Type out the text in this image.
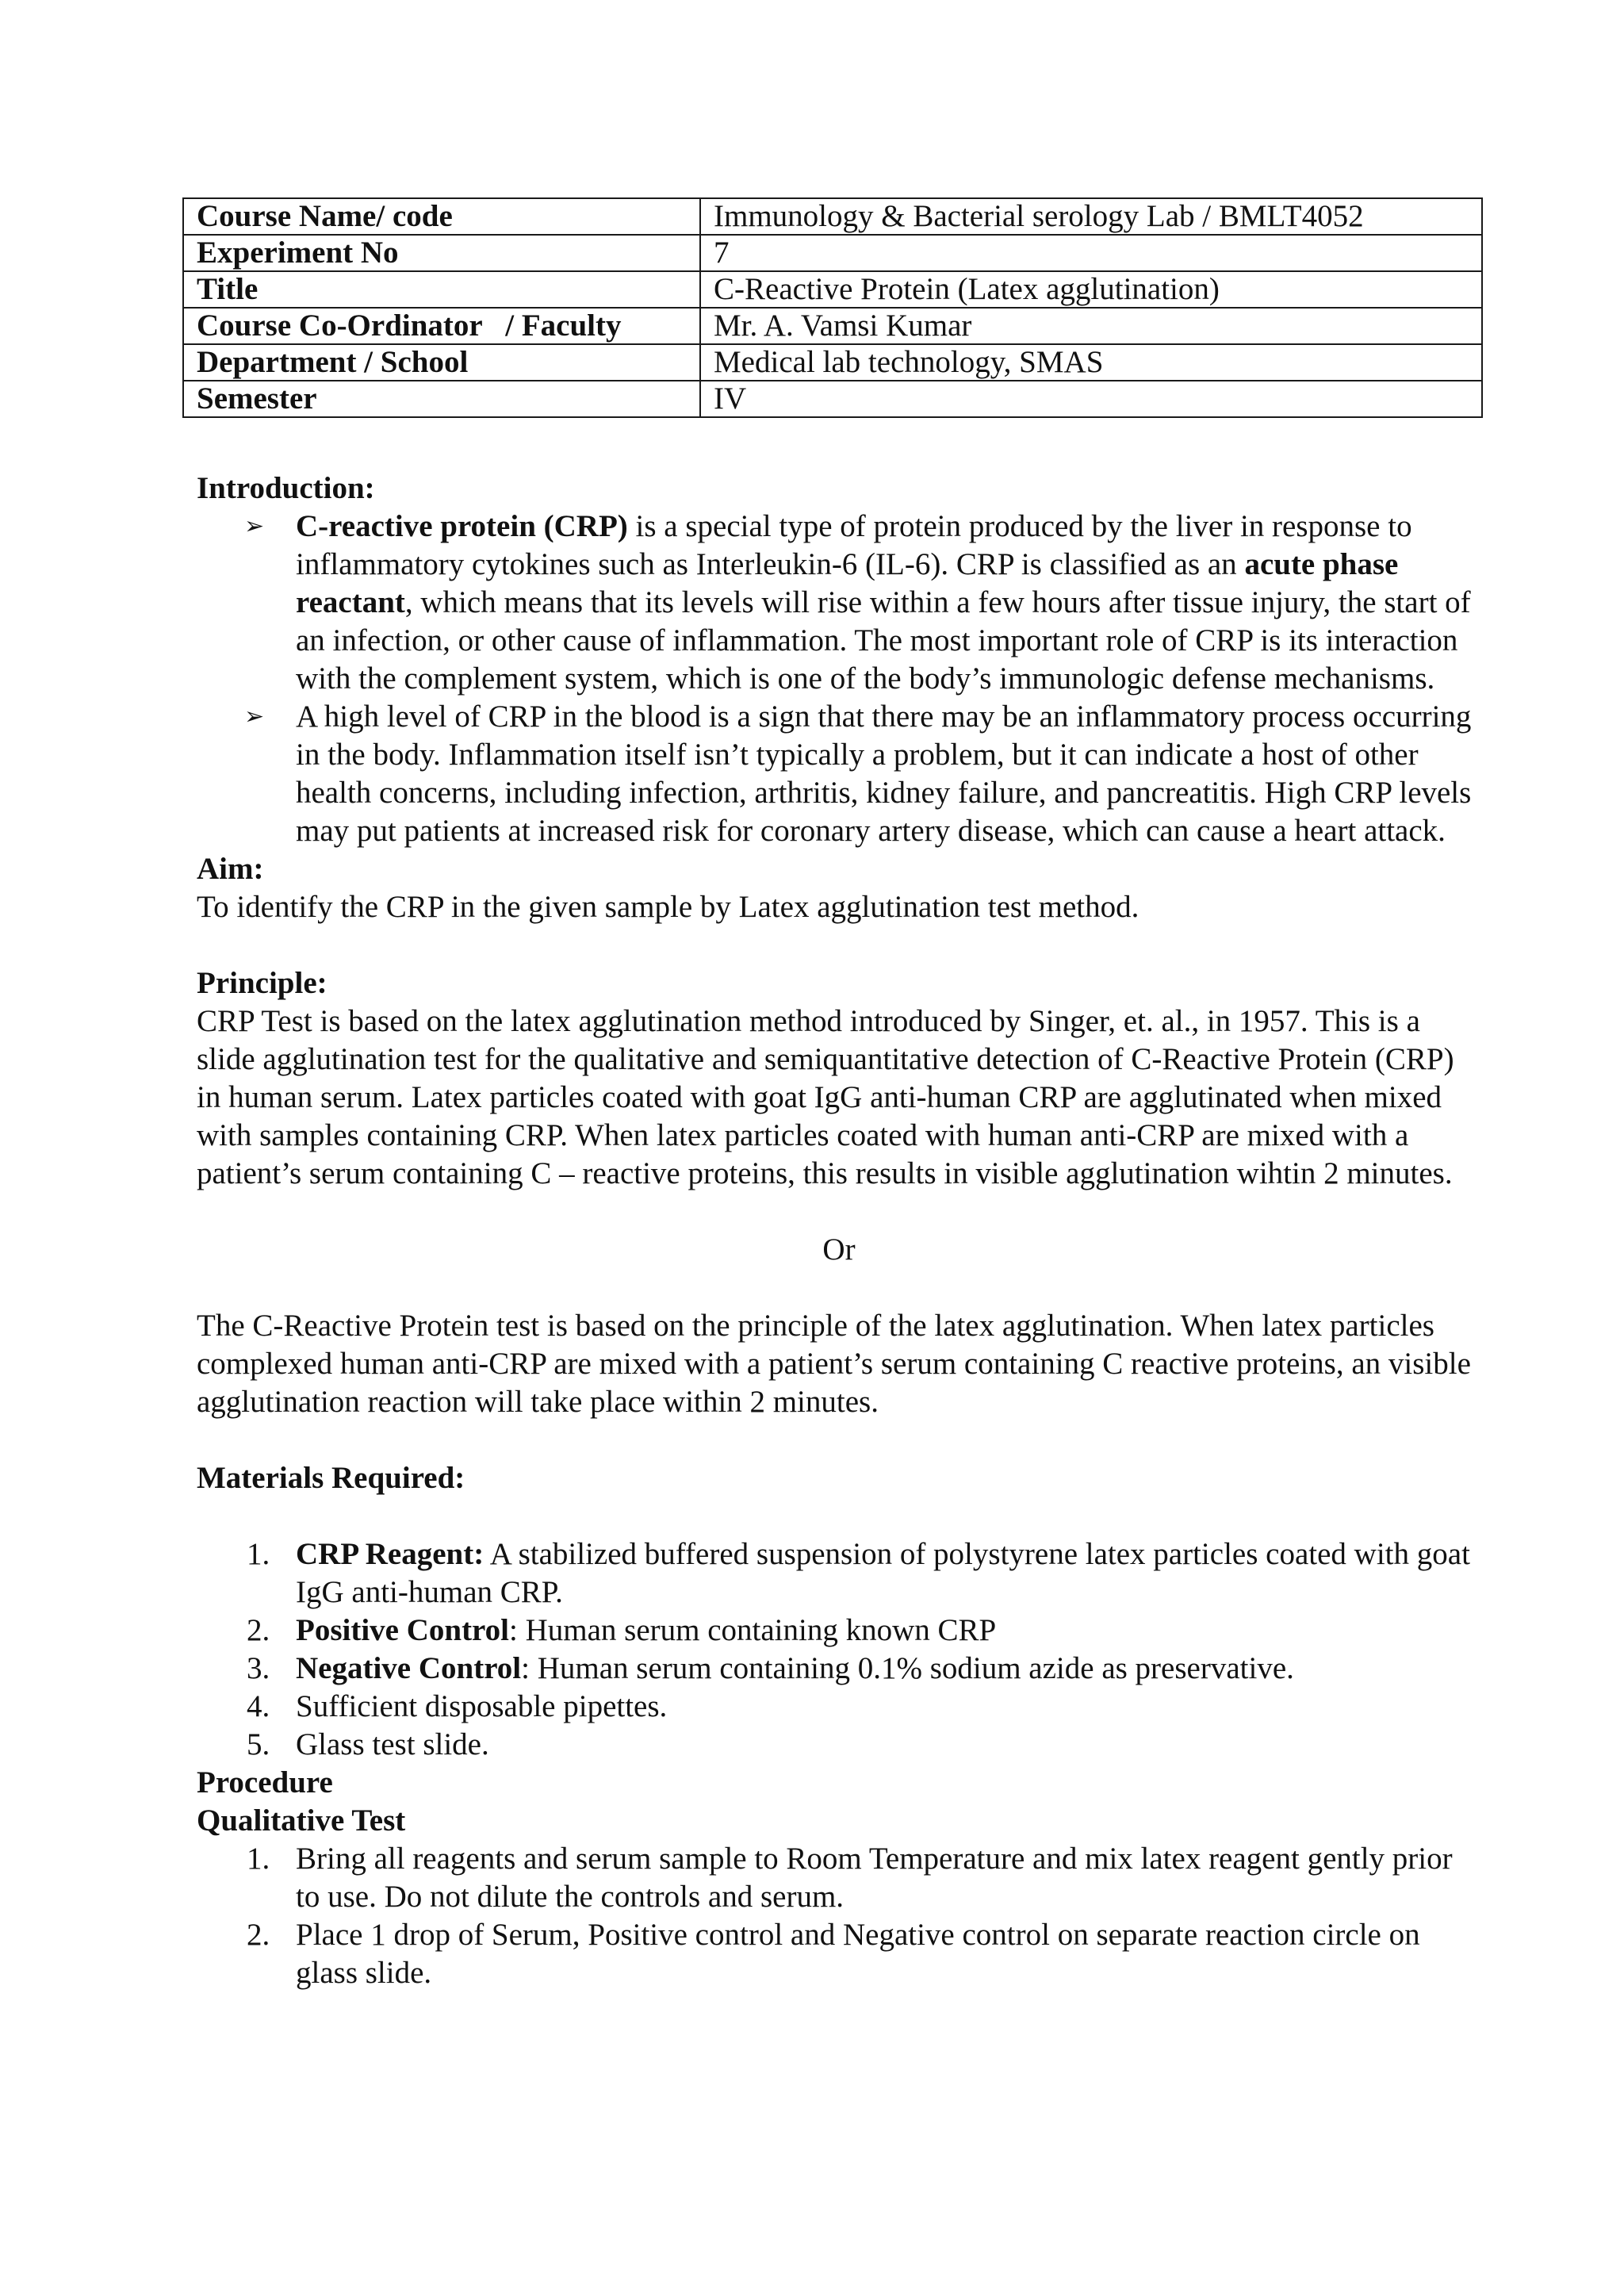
Course Name/ code	Immunology & Bacterial serology Lab / BMLT4052
Experiment No	7
Title	C-Reactive Protein (Latex agglutination)
Course Co-Ordinator   / Faculty	Mr. A. Vamsi Kumar
Department / School	Medical lab technology, SMAS
Semester	IV
Introduction:
➢ C-reactive protein (CRP) is a special type of protein produced by the liver in response to inflammatory cytokines such as Interleukin-6 (IL-6). CRP is classified as an acute phase reactant, which means that its levels will rise within a few hours after tissue injury, the start of an infection, or other cause of inflammation. The most important role of CRP is its interaction with the complement system, which is one of the body’s immunologic defense mechanisms.
➢ A high level of CRP in the blood is a sign that there may be an inflammatory process occurring in the body. Inflammation itself isn’t typically a problem, but it can indicate a host of other health concerns, including infection, arthritis, kidney failure, and pancreatitis. High CRP levels may put patients at increased risk for coronary artery disease, which can cause a heart attack.
Aim:

To identify the CRP in the given sample by Latex agglutination test method.

Principle:

CRP Test is based on the latex agglutination method introduced by Singer, et. al., in 1957. This is a slide agglutination test for the qualitative and semiquantitative detection of C-Reactive Protein (CRP) in human serum. Latex particles coated with goat IgG anti-human CRP are agglutinated when mixed with samples containing CRP. When latex particles coated with human anti-CRP are mixed with a patient’s serum containing C – reactive proteins, this results in visible agglutination wihtin 2 minutes.

Or

The C-Reactive Protein test is based on the principle of the latex agglutination. When latex particles complexed human anti-CRP are mixed with a patient’s serum containing C reactive proteins, an visible agglutination reaction will take place within 2 minutes.

Materials Required:
1. CRP Reagent: A stabilized buffered suspension of polystyrene latex particles coated with goat IgG anti-human CRP.
2. Positive Control: Human serum containing known CRP
3. Negative Control: Human serum containing 0.1% sodium azide as preservative.
4. Sufficient disposable pipettes.
5. Glass test slide.
Procedure
Qualitative Test
1. Bring all reagents and serum sample to Room Temperature and mix latex reagent gently prior to use. Do not dilute the controls and serum.
2. Place 1 drop of Serum, Positive control and Negative control on separate reaction circle on glass slide.
